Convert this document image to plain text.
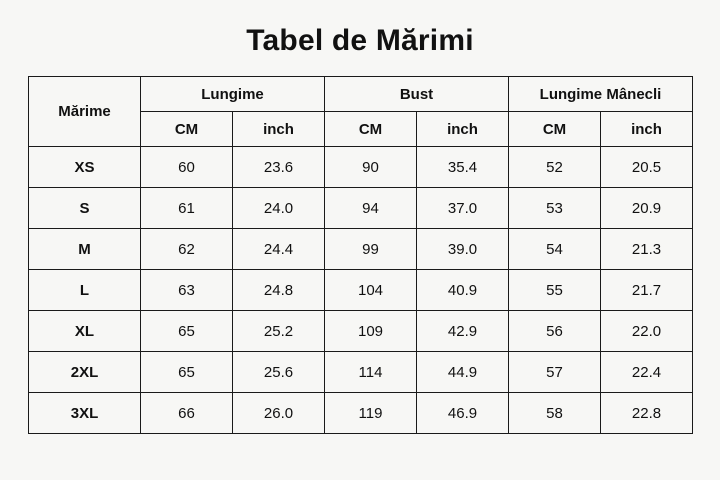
Tabel de Mărimi
Mărime	Lungime		Bust		Lungime Mânecli	
	CM	inch	CM	inch	CM	inch
XS	60	23.6	90	35.4	52	20.5
S	61	24.0	94	37.0	53	20.9
M	62	24.4	99	39.0	54	21.3
L	63	24.8	104	40.9	55	21.7
XL	65	25.2	109	42.9	56	22.0
2XL	65	25.6	114	44.9	57	22.4
3XL	66	26.0	119	46.9	58	22.8
